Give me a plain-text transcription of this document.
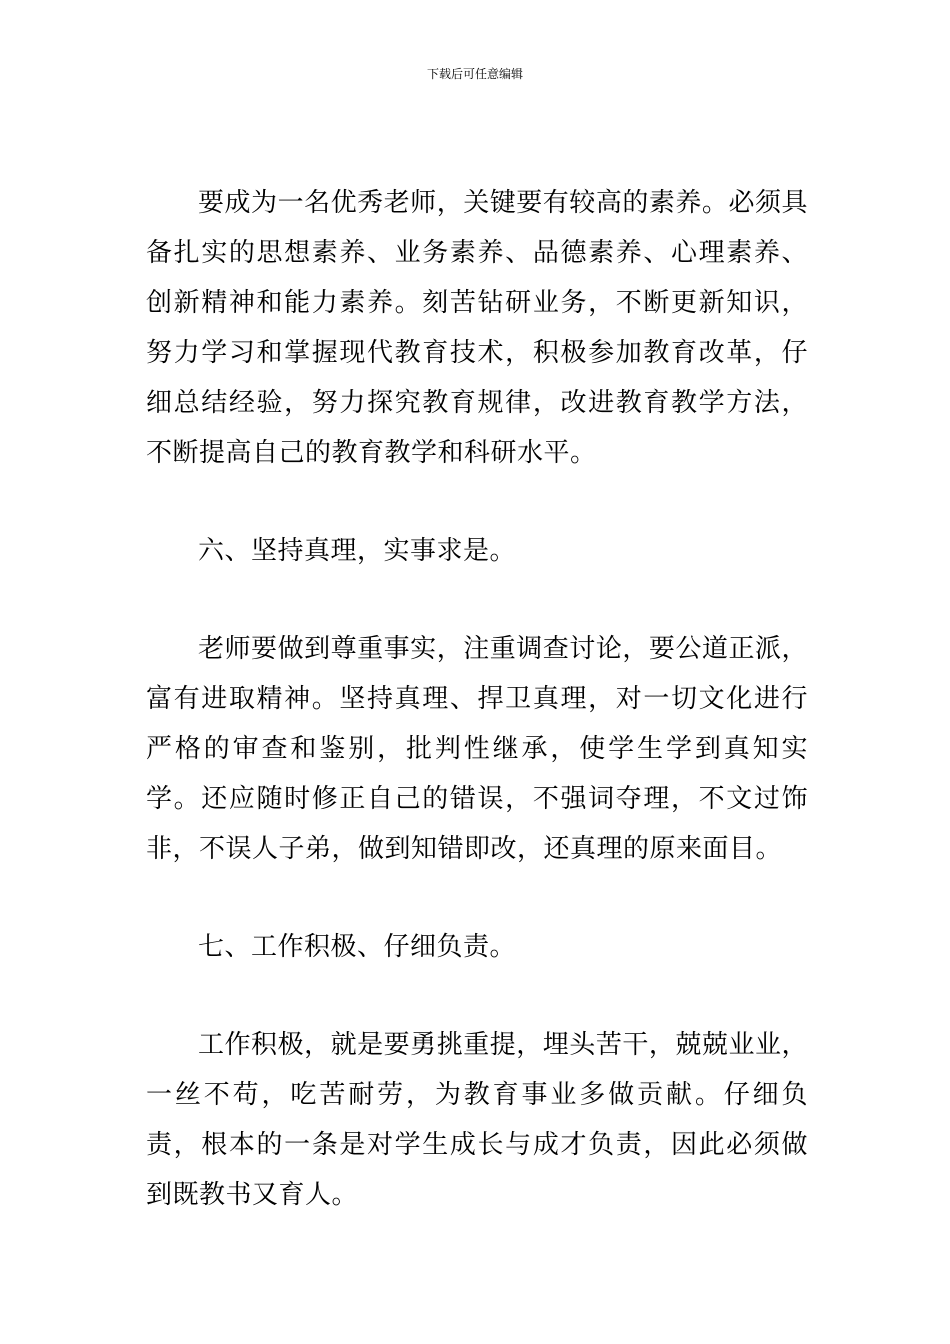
下载后可任意编辑

要成为一名优秀老师，关键要有较高的素养。必须具备扎实的思想素养、业务素养、品德素养、心理素养、创新精神和能力素养。刻苦钻研业务，不断更新知识，努力学习和掌握现代教育技术，积极参加教育改革，仔细总结经验，努力探究教育规律，改进教育教学方法，不断提高自己的教育教学和科研水平。

六、坚持真理，实事求是。

老师要做到尊重事实，注重调查讨论，要公道正派，富有进取精神。坚持真理、捍卫真理，对一切文化进行严格的审查和鉴别，批判性继承，使学生学到真知实学。还应随时修正自己的错误，不强词夺理，不文过饰非，不误人子弟，做到知错即改，还真理的原来面目。

七、工作积极、仔细负责。

工作积极，就是要勇挑重提，埋头苦干，兢兢业业，一丝不苟，吃苦耐劳，为教育事业多做贡献。仔细负责，根本的一条是对学生成长与成才负责，因此必须做到既教书又育人。
